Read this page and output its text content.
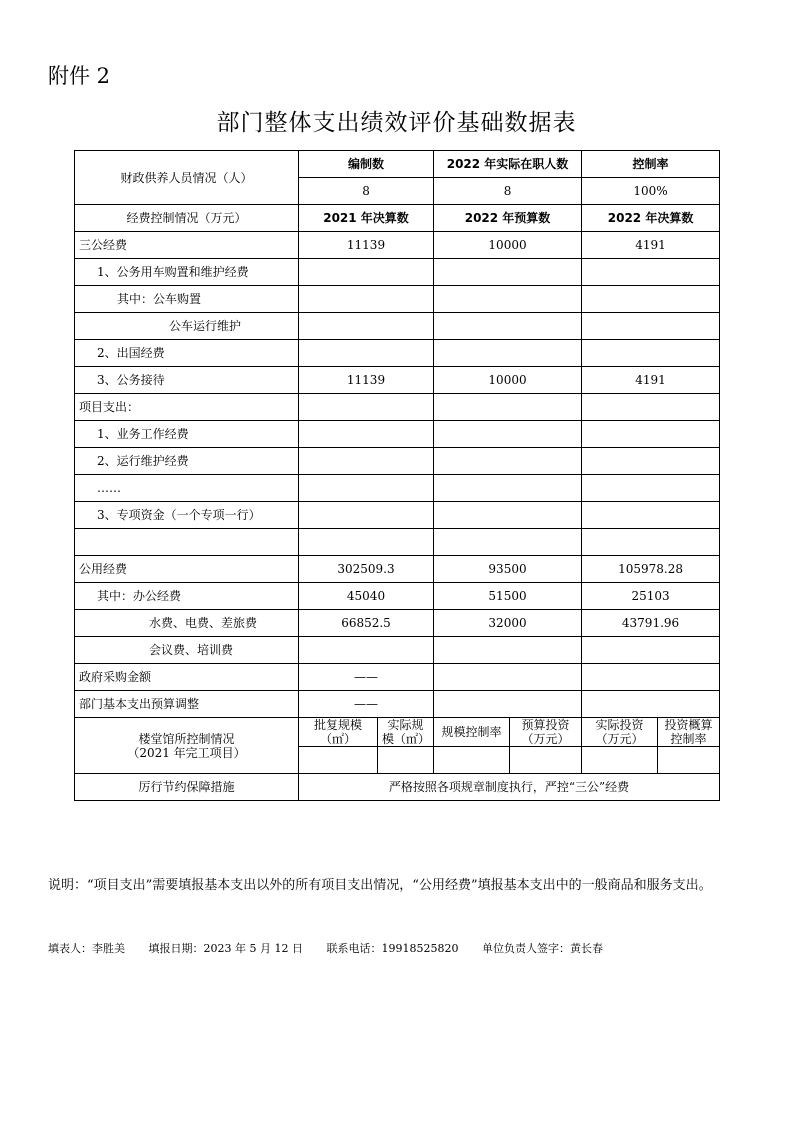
附件 2
部门整体支出绩效评价基础数据表
财政供养人员情况（人）	编制数		2022 年实际在职人数		控制率	
	8		8		100%	
经费控制情况（万元）	2021 年决算数		2022 年预算数		2022 年决算数	
三公经费	11139		10000		4191	
1、公务用车购置和维护经费						
其中：公车购置						
公车运行维护						
2、出国经费						
3、公务接待	11139		10000		4191	
项目支出：						
1、业务工作经费						
2、运行维护经费						
……						
3、专项资金（一个专项一行）						

公用经费	302509.3		93500		105978.28	
其中：办公经费	45040		51500		25103	
水费、电费、差旅费	66852.5		32000		43791.96	
会议费、培训费						
政府采购金额	——					
部门基本支出预算调整	——					

楼堂馆所控制情况
（2021 年完工项目）	批复规模（㎡）	实际规模（㎡）	规模控制率	预算投资（万元）	实际投资（万元）	投资概算控制率

厉行节约保障措施	严格按照各项规章制度执行，严控“三公”经费					
说明：“项目支出”需要填报基本支出以外的所有项目支出情况，“公用经费”填报基本支出中的一般商品和服务支出。
填表人：李胜美 填报日期：2023 年 5 月 12 日 联系电话：19918525820 单位负责人签字：黄长春
